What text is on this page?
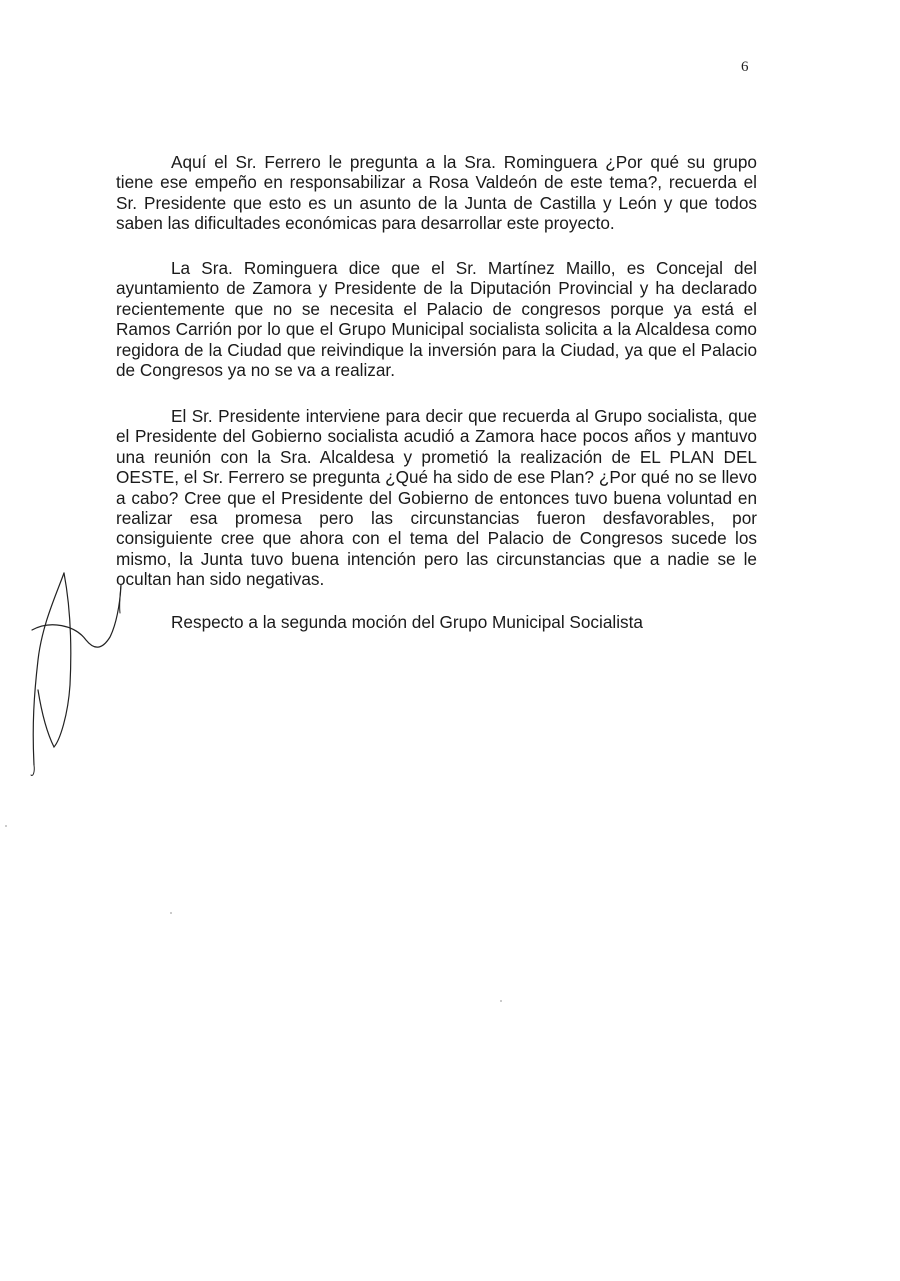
6

Aquí el Sr. Ferrero le pregunta a la Sra. Rominguera ¿Por qué su grupo tiene ese empeño en responsabilizar a Rosa Valdeón de este tema?, recuerda el Sr. Presidente que esto es un asunto de la Junta de Castilla y León y que todos saben las dificultades económicas para desarrollar este proyecto.

La Sra. Rominguera dice que el Sr. Martínez Maillo, es Concejal del ayuntamiento de Zamora y Presidente de la Diputación Provincial y ha declarado recientemente que no se necesita el Palacio de congresos porque ya está el Ramos Carrión por lo que el Grupo Municipal socialista solicita a la Alcaldesa como regidora de la Ciudad que reivindique la inversión para la Ciudad, ya que el Palacio de Congresos ya no se va a realizar.

El Sr. Presidente interviene para decir que recuerda al Grupo socialista, que el Presidente del Gobierno socialista acudió a Zamora hace pocos años y mantuvo una reunión con la Sra. Alcaldesa y prometió la realización de EL PLAN DEL OESTE, el Sr. Ferrero se pregunta ¿Qué ha sido de ese Plan? ¿Por qué no se llevo a cabo? Cree que el Presidente del Gobierno de entonces tuvo buena voluntad en realizar esa promesa pero las circunstancias fueron desfavorables, por consiguiente cree que ahora con el tema del Palacio de Congresos sucede los mismo, la Junta tuvo buena intención pero las circunstancias que a nadie se le ocultan han sido negativas.

Respecto a la segunda moción del Grupo Municipal Socialista
